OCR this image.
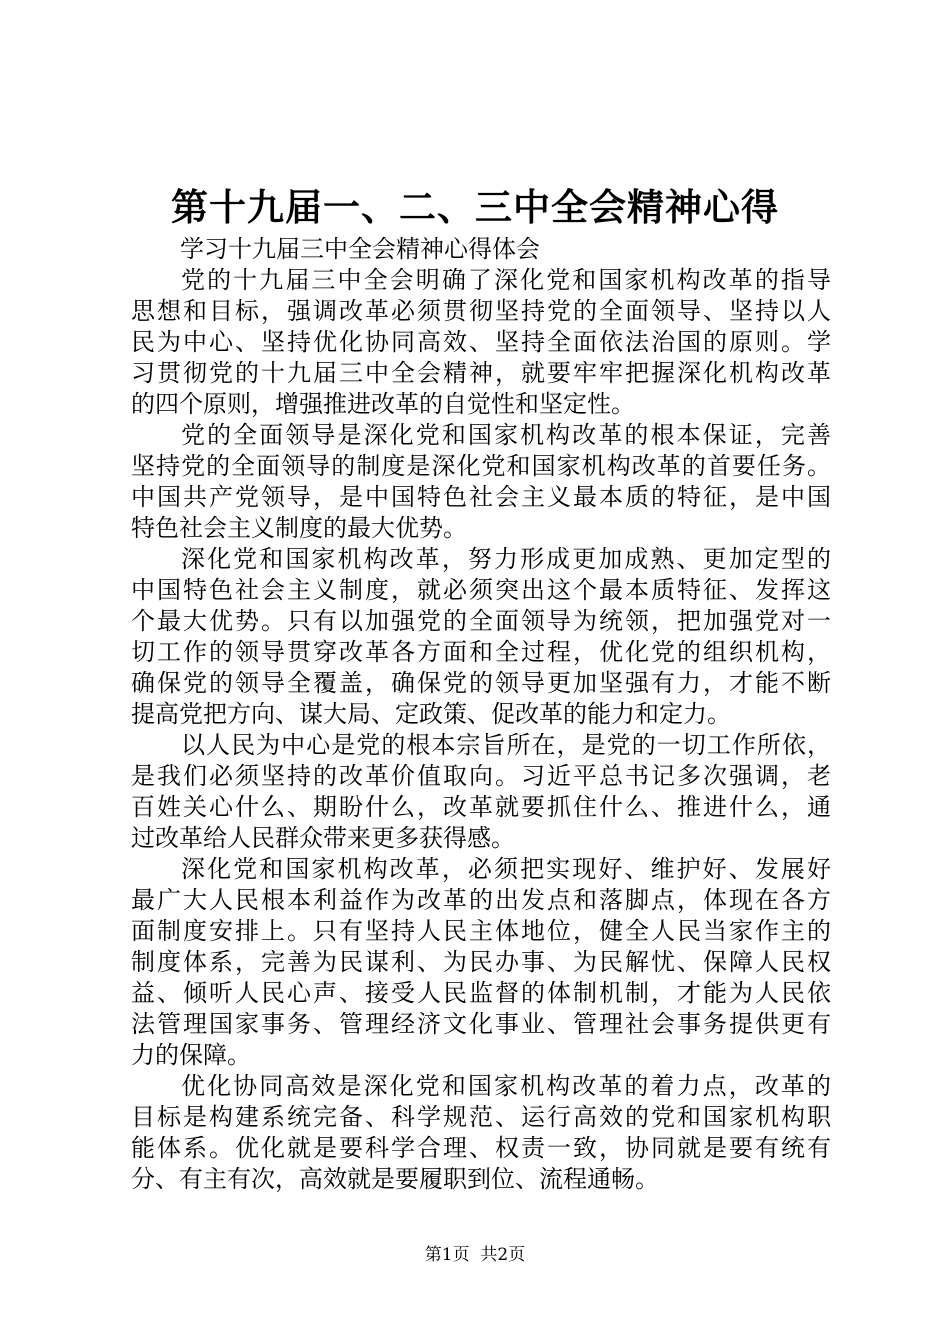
第十九届一、二、三中全会精神心得
学习十九届三中全会精神心得体会
党的十九届三中全会明确了深化党和国家机构改革的指导
思想和目标，强调改革必须贯彻坚持党的全面领导、坚持以人
民为中心、坚持优化协同高效、坚持全面依法治国的原则。学
习贯彻党的十九届三中全会精神，就要牢牢把握深化机构改革
的四个原则，增强推进改革的自觉性和坚定性。
党的全面领导是深化党和国家机构改革的根本保证，完善
坚持党的全面领导的制度是深化党和国家机构改革的首要任务。
中国共产党领导，是中国特色社会主义最本质的特征，是中国
特色社会主义制度的最大优势。
深化党和国家机构改革，努力形成更加成熟、更加定型的
中国特色社会主义制度，就必须突出这个最本质特征、发挥这
个最大优势。只有以加强党的全面领导为统领，把加强党对一
切工作的领导贯穿改革各方面和全过程，优化党的组织机构，
确保党的领导全覆盖，确保党的领导更加坚强有力，才能不断
提高党把方向、谋大局、定政策、促改革的能力和定力。
以人民为中心是党的根本宗旨所在，是党的一切工作所依，
是我们必须坚持的改革价值取向。习近平总书记多次强调，老
百姓关心什么、期盼什么，改革就要抓住什么、推进什么，通
过改革给人民群众带来更多获得感。
深化党和国家机构改革，必须把实现好、维护好、发展好
最广大人民根本利益作为改革的出发点和落脚点，体现在各方
面制度安排上。只有坚持人民主体地位，健全人民当家作主的
制度体系，完善为民谋利、为民办事、为民解忧、保障人民权
益、倾听人民心声、接受人民监督的体制机制，才能为人民依
法管理国家事务、管理经济文化事业、管理社会事务提供更有
力的保障。
优化协同高效是深化党和国家机构改革的着力点，改革的
目标是构建系统完备、科学规范、运行高效的党和国家机构职
能体系。优化就是要科学合理、权责一致，协同就是要有统有
分、有主有次，高效就是要履职到位、流程通畅。
第1页  共2页
